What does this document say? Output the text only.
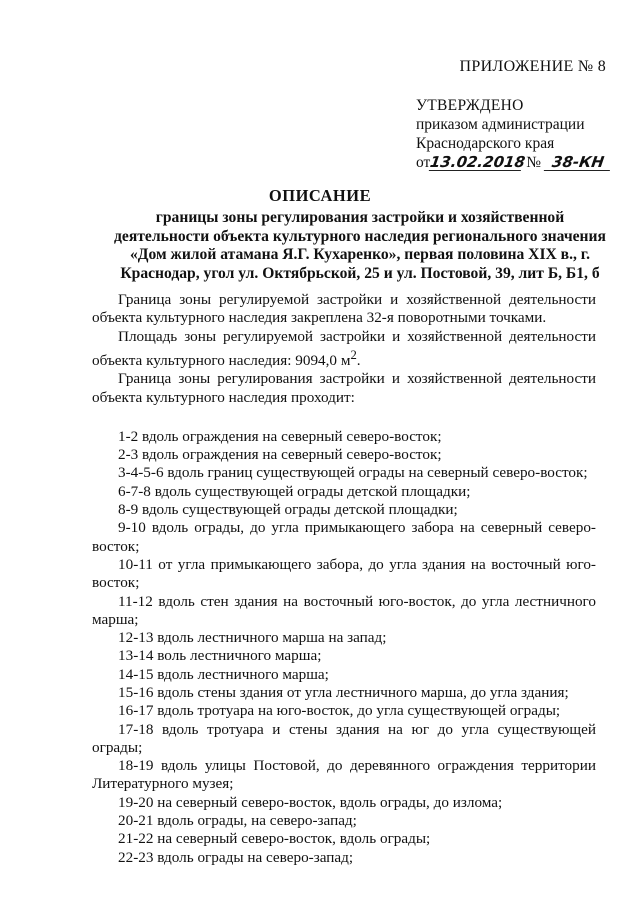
ПРИЛОЖЕНИЕ № 8
УТВЕРЖДЕНО
приказом администрации
Краснодарского края
от13.02.2018 № 38-КН
ОПИСАНИЕ
границы зоны регулирования застройки и хозяйственной деятельности объекта культурного наследия регионального значения «Дом жилой атамана Я.Г. Кухаренко», первая половина XIX в., г. Краснодар, угол ул. Октябрьской, 25 и ул. Постовой, 39, лит Б, Б1, б

Граница зоны регулируемой застройки и хозяйственной деятельности объекта культурного наследия закреплена 32-я поворотными точками.

Площадь зоны регулируемой застройки и хозяйственной деятельности объекта культурного наследия: 9094,0 $м^2$.

Граница зоны регулирования застройки и хозяйственной деятельности объекта культурного наследия проходит:

1-2 вдоль ограждения на северный северо-восток;

2-3 вдоль ограждения на северный северо-восток;

3-4-5-6 вдоль границ существующей ограды на северный северо-восток;

6-7-8 вдоль существующей ограды детской площадки;

8-9 вдоль существующей ограды детской площадки;

9-10 вдоль ограды, до угла примыкающего забора на северный северо-восток;

10-11 от угла примыкающего забора, до угла здания на восточный юго-восток;

11-12 вдоль стен здания на восточный юго-восток, до угла лестничного марша;

12-13 вдоль лестничного марша на запад;

13-14 воль лестничного марша;

14-15 вдоль лестничного марша;

15-16 вдоль стены здания от угла лестничного марша, до угла здания;

16-17 вдоль тротуара на юго-восток, до угла существующей ограды;

17-18 вдоль тротуара и стены здания на юг до угла существующей ограды;

18-19 вдоль улицы Постовой, до деревянного ограждения территории Литературного музея;

19-20 на северный северо-восток, вдоль ограды, до излома;

20-21 вдоль ограды, на северо-запад;

21-22 на северный северо-восток, вдоль ограды;

22-23 вдоль ограды на северо-запад;
